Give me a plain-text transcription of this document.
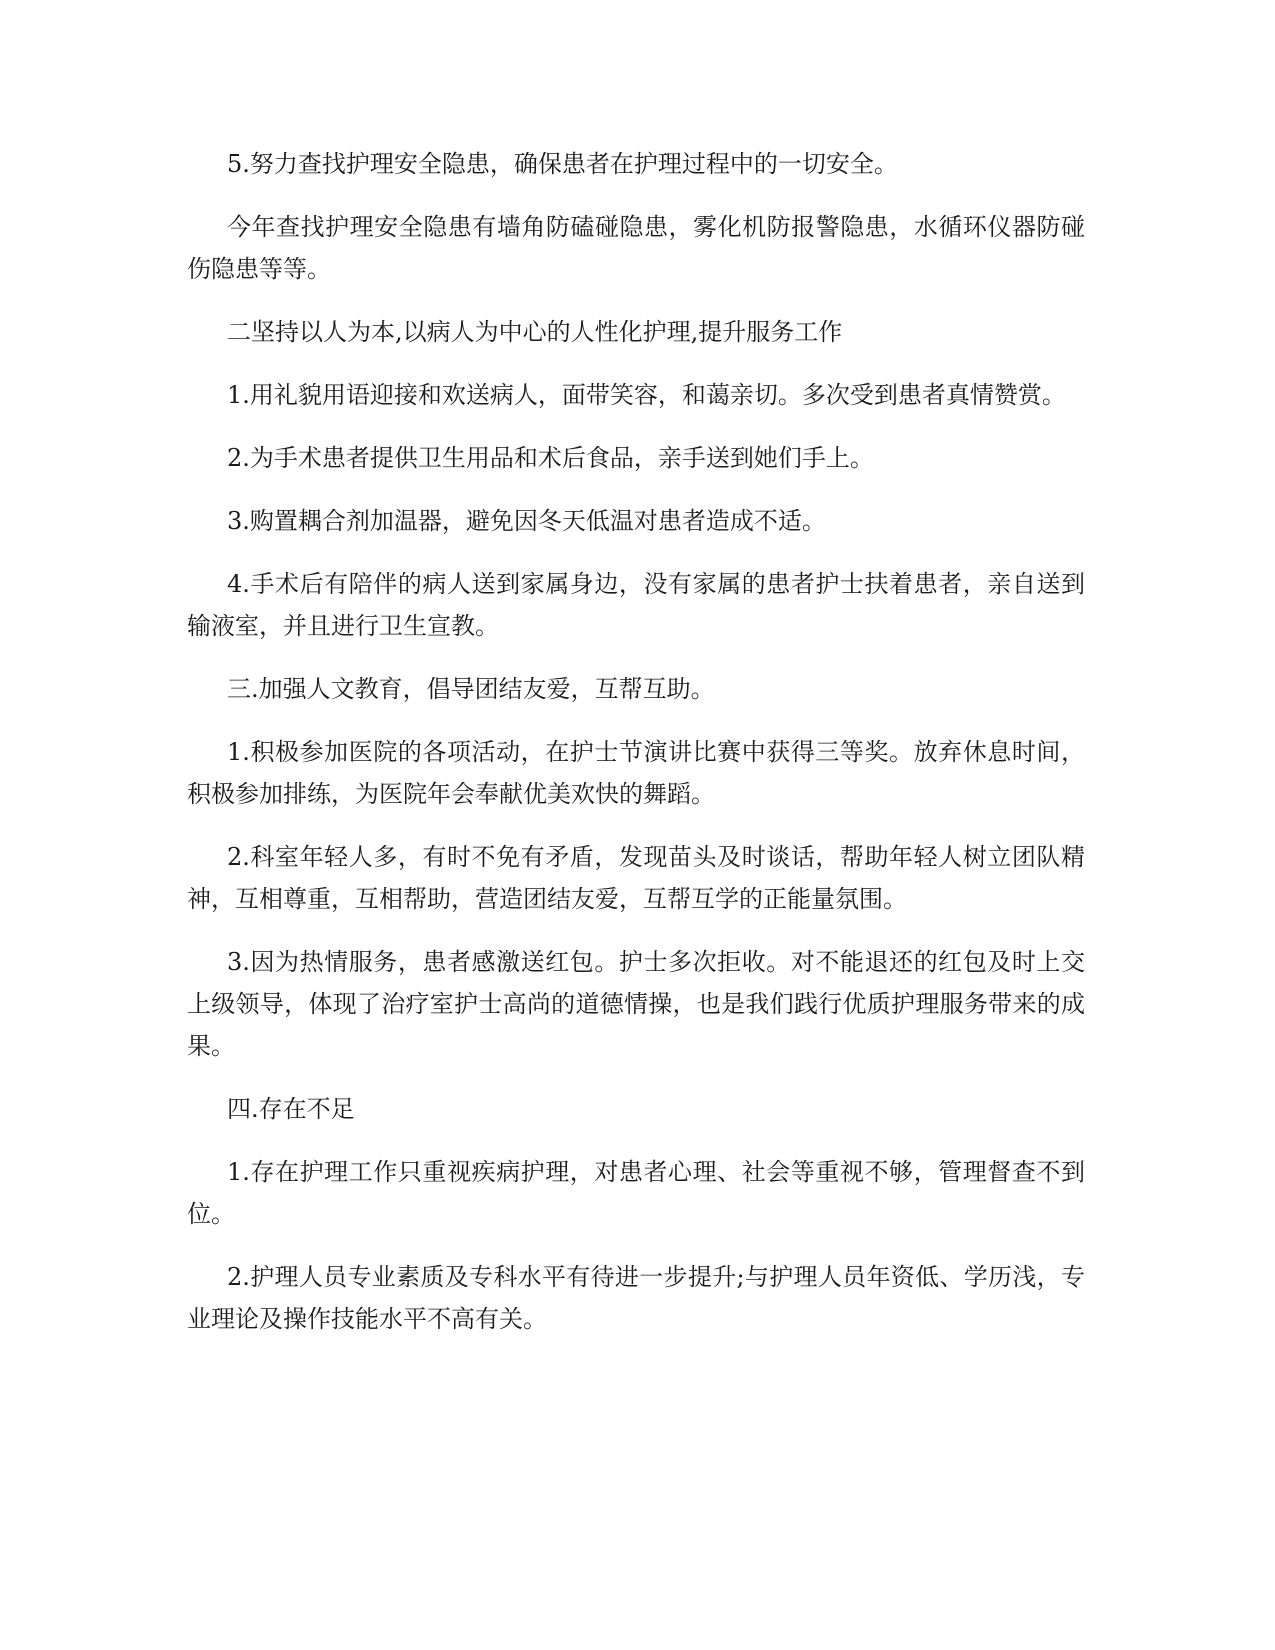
5.努力查找护理安全隐患，确保患者在护理过程中的一切安全。

今年查找护理安全隐患有墙角防磕碰隐患，雾化机防报警隐患，水循环仪器防碰伤隐患等等。

二坚持以人为本,以病人为中心的人性化护理,提升服务工作

1.用礼貌用语迎接和欢送病人，面带笑容，和蔼亲切。多次受到患者真情赞赏。

2.为手术患者提供卫生用品和术后食品，亲手送到她们手上。

3.购置耦合剂加温器，避免因冬天低温对患者造成不适。

4.手术后有陪伴的病人送到家属身边，没有家属的患者护士扶着患者，亲自送到输液室，并且进行卫生宣教。

三.加强人文教育，倡导团结友爱，互帮互助。

1.积极参加医院的各项活动，在护士节演讲比赛中获得三等奖。放弃休息时间，积极参加排练，为医院年会奉献优美欢快的舞蹈。

2.科室年轻人多，有时不免有矛盾，发现苗头及时谈话，帮助年轻人树立团队精神，互相尊重，互相帮助，营造团结友爱，互帮互学的正能量氛围。

3.因为热情服务，患者感激送红包。护士多次拒收。对不能退还的红包及时上交上级领导，体现了治疗室护士高尚的道德情操，也是我们践行优质护理服务带来的成果。

四.存在不足

1.存在护理工作只重视疾病护理，对患者心理、社会等重视不够，管理督查不到位。

2.护理人员专业素质及专科水平有待进一步提升;与护理人员年资低、学历浅，专业理论及操作技能水平不高有关。
